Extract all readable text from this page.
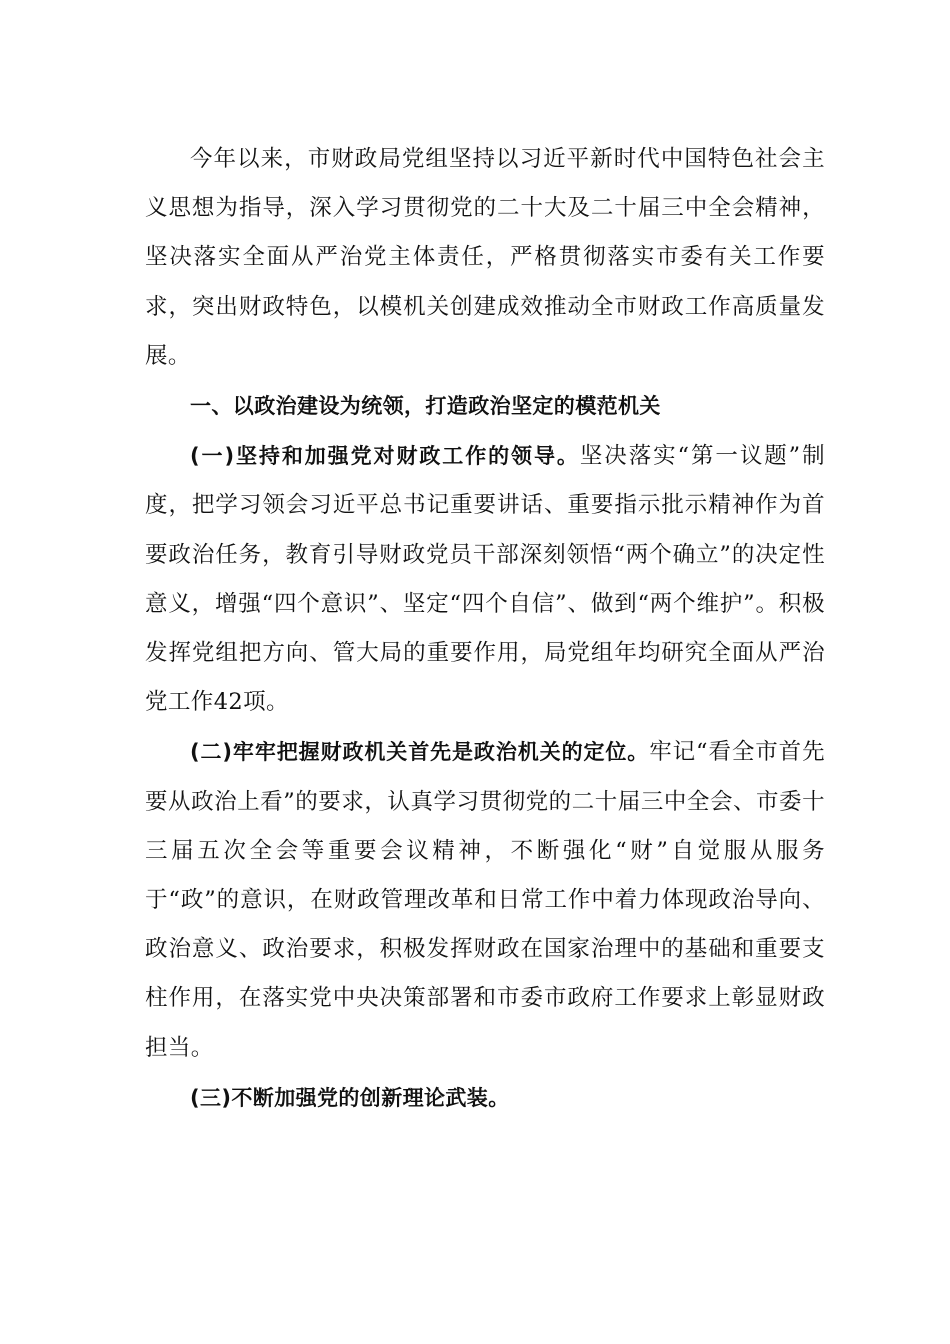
今年以来，市财政局党组坚持以习近平新时代中国特色社会主义思想为指导，深入学习贯彻党的二十大及二十届三中全会精神，坚决落实全面从严治党主体责任，严格贯彻落实市委有关工作要求，突出财政特色，以模机关创建成效推动全市财政工作高质量发展。

一、以政治建设为统领，打造政治坚定的模范机关

(一)坚持和加强党对财政工作的领导。坚决落实“第一议题”制度，把学习领会习近平总书记重要讲话、重要指示批示精神作为首要政治任务，教育引导财政党员干部深刻领悟“两个确立”的决定性意义，增强“四个意识”、坚定“四个自信”、做到“两个维护”。积极发挥党组把方向、管大局的重要作用，局党组年均研究全面从严治党工作42项。

(二)牢牢把握财政机关首先是政治机关的定位。牢记“看全市首先要从政治上看”的要求，认真学习贯彻党的二十届三中全会、市委十三届五次全会等重要会议精神，不断强化“财”自觉服从服务于“政”的意识，在财政管理改革和日常工作中着力体现政治导向、政治意义、政治要求，积极发挥财政在国家治理中的基础和重要支柱作用，在落实党中央决策部署和市委市政府工作要求上彰显财政担当。

(三)不断加强党的创新理论武装。
